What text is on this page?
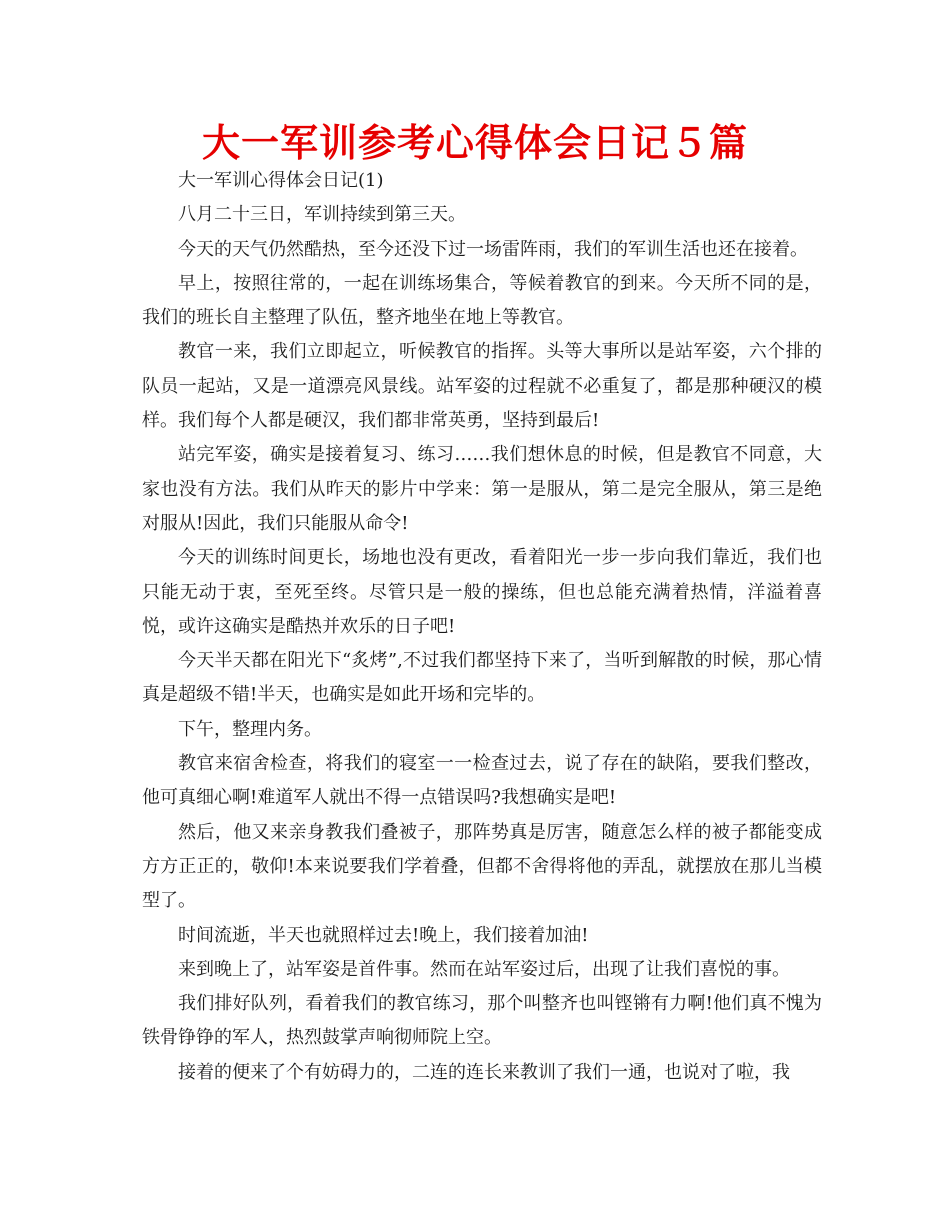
大一军训参考心得体会日记５篇

大一军训心得体会日记(1)

八月二十三日，军训持续到第三天。

今天的天气仍然酷热，至今还没下过一场雷阵雨，我们的军训生活也还在接着。

早上，按照往常的，一起在训练场集合，等候着教官的到来。今天所不同的是，我们的班长自主整理了队伍，整齐地坐在地上等教官。

教官一来，我们立即起立，听候教官的指挥。头等大事所以是站军姿，六个排的队员一起站，又是一道漂亮风景线。站军姿的过程就不必重复了，都是那种硬汉的模样。我们每个人都是硬汉，我们都非常英勇，坚持到最后!

站完军姿，确实是接着复习、练习……我们想休息的时候，但是教官不同意，大家也没有方法。我们从昨天的影片中学来：第一是服从，第二是完全服从，第三是绝对服从!因此，我们只能服从命令!

今天的训练时间更长，场地也没有更改，看着阳光一步一步向我们靠近，我们也只能无动于衷，至死至终。尽管只是一般的操练，但也总能充满着热情，洋溢着喜悦，或许这确实是酷热并欢乐的日子吧!

今天半天都在阳光下“炙烤”,不过我们都坚持下来了，当听到解散的时候，那心情真是超级不错!半天，也确实是如此开场和完毕的。

下午，整理内务。

教官来宿舍检查，将我们的寝室一一检查过去，说了存在的缺陷，要我们整改，他可真细心啊!难道军人就出不得一点错误吗?我想确实是吧!

然后，他又来亲身教我们叠被子，那阵势真是厉害，随意怎么样的被子都能变成方方正正的，敬仰!本来说要我们学着叠，但都不舍得将他的弄乱，就摆放在那儿当模型了。

时间流逝，半天也就照样过去!晚上，我们接着加油!

来到晚上了，站军姿是首件事。然而在站军姿过后，出现了让我们喜悦的事。

我们排好队列，看着我们的教官练习，那个叫整齐也叫铿锵有力啊!他们真不愧为铁骨铮铮的军人，热烈鼓掌声响彻师院上空。

接着的便来了个有妨碍力的，二连的连长来教训了我们一通，也说对了啦，我
